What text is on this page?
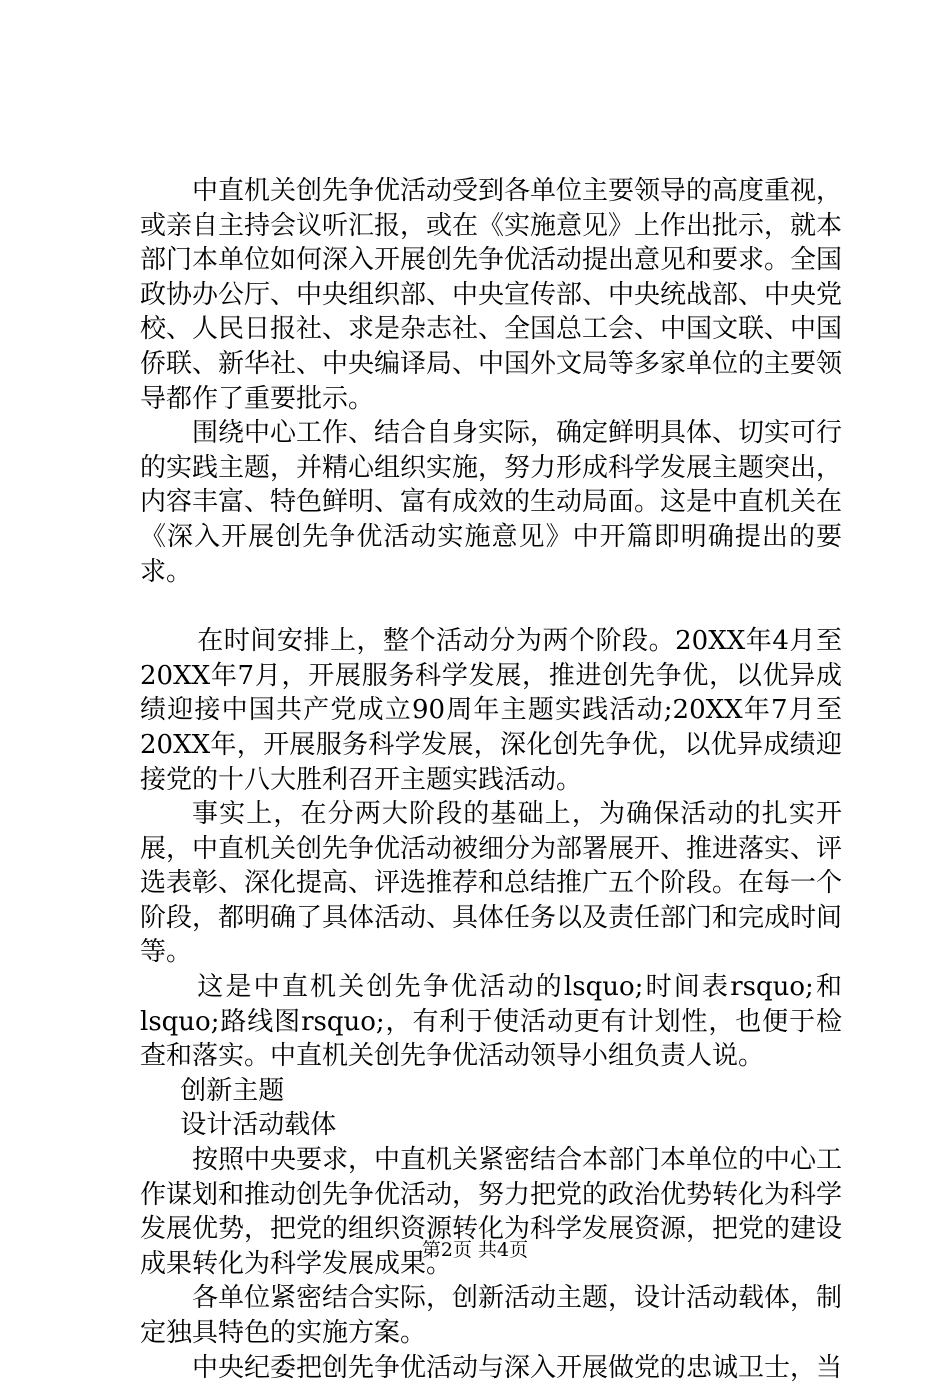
中直机关创先争优活动受到各单位主要领导的高度重视，或亲自主持会议听汇报，或在《实施意见》上作出批示，就本部门本单位如何深入开展创先争优活动提出意见和要求。全国政协办公厅、中央组织部、中央宣传部、中央统战部、中央党校、人民日报社、求是杂志社、全国总工会、中国文联、中国侨联、新华社、中央编译局、中国外文局等多家单位的主要领导都作了重要批示。

围绕中心工作、结合自身实际，确定鲜明具体、切实可行的实践主题，并精心组织实施，努力形成科学发展主题突出，内容丰富、特色鲜明、富有成效的生动局面。这是中直机关在《深入开展创先争优活动实施意见》中开篇即明确提出的要求。

在时间安排上，整个活动分为两个阶段。20XX年4月至20XX年7月，开展服务科学发展，推进创先争优，以优异成绩迎接中国共产党成立90周年主题实践活动;20XX年7月至20XX年，开展服务科学发展，深化创先争优，以优异成绩迎接党的十八大胜利召开主题实践活动。

事实上，在分两大阶段的基础上，为确保活动的扎实开展，中直机关创先争优活动被细分为部署展开、推进落实、评选表彰、深化提高、评选推荐和总结推广五个阶段。在每一个阶段，都明确了具体活动、具体任务以及责任部门和完成时间等。

这是中直机关创先争优活动的lsquo;时间表rsquo;和lsquo;路线图rsquo;，有利于使活动更有计划性，也便于检查和落实。中直机关创先争优活动领导小组负责人说。

创新主题

设计活动载体

按照中央要求，中直机关紧密结合本部门本单位的中心工作谋划和推动创先争优活动，努力把党的政治优势转化为科学发展优势，把党的组织资源转化为科学发展资源，把党的建设成果转化为科学发展成果。

各单位紧密结合实际，创新活动主题，设计活动载体，制定独具特色的实施方案。

中央纪委把创先争优活动与深入开展做党的忠诚卫士，当

第2页 共4页
